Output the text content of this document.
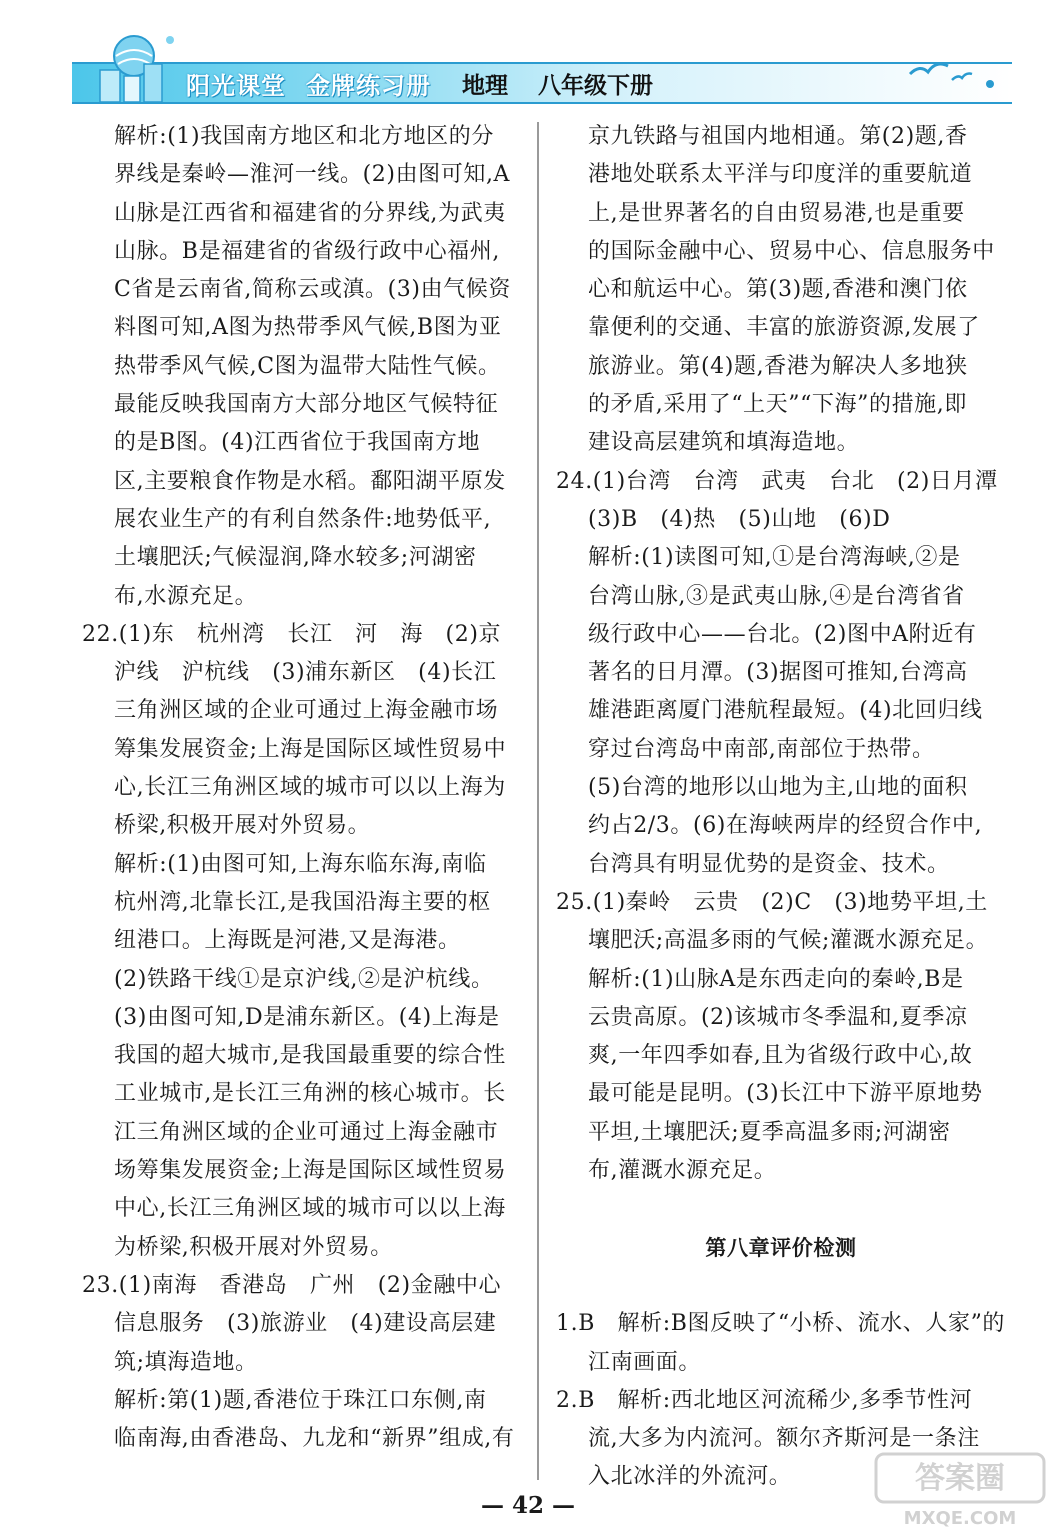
阳光课堂 金牌练习册 地理 八年级下册
解析:(1)我国南方地区和北方地区的分
界线是秦岭—淮河一线。(2)由图可知,A
山脉是江西省和福建省的分界线,为武夷
山脉。B是福建省的省级行政中心福州,
C省是云南省,简称云或滇。(3)由气候资
料图可知,A图为热带季风气候,B图为亚
热带季风气候,C图为温带大陆性气候。
最能反映我国南方大部分地区气候特征
的是B图。(4)江西省位于我国南方地
区,主要粮食作物是水稻。鄱阳湖平原发
展农业生产的有利自然条件:地势低平,
土壤肥沃;气候湿润,降水较多;河湖密
布,水源充足。
22.(1)东　杭州湾　长江　河　海　(2)京
沪线　沪杭线　(3)浦东新区　(4)长江
三角洲区域的企业可通过上海金融市场
筹集发展资金;上海是国际区域性贸易中
心,长江三角洲区域的城市可以以上海为
桥梁,积极开展对外贸易。
解析:(1)由图可知,上海东临东海,南临
杭州湾,北靠长江,是我国沿海主要的枢
纽港口。上海既是河港,又是海港。
(2)铁路干线①是京沪线,②是沪杭线。
(3)由图可知,D是浦东新区。(4)上海是
我国的超大城市,是我国最重要的综合性
工业城市,是长江三角洲的核心城市。长
江三角洲区域的企业可通过上海金融市
场筹集发展资金;上海是国际区域性贸易
中心,长江三角洲区域的城市可以以上海
为桥梁,积极开展对外贸易。
23.(1)南海　香港岛　广州　(2)金融中心
信息服务　(3)旅游业　(4)建设高层建
筑;填海造地。
解析:第(1)题,香港位于珠江口东侧,南
临南海,由香港岛、九龙和“新界”组成,有
京九铁路与祖国内地相通。第(2)题,香
港地处联系太平洋与印度洋的重要航道
上,是世界著名的自由贸易港,也是重要
的国际金融中心、贸易中心、信息服务中
心和航运中心。第(3)题,香港和澳门依
靠便利的交通、丰富的旅游资源,发展了
旅游业。第(4)题,香港为解决人多地狭
的矛盾,采用了“上天”“下海”的措施,即
建设高层建筑和填海造地。
24.(1)台湾　台湾　武夷　台北　(2)日月潭
(3)B　(4)热　(5)山地　(6)D
解析:(1)读图可知,①是台湾海峡,②是
台湾山脉,③是武夷山脉,④是台湾省省
级行政中心——台北。(2)图中A附近有
著名的日月潭。(3)据图可推知,台湾高
雄港距离厦门港航程最短。(4)北回归线
穿过台湾岛中南部,南部位于热带。
(5)台湾的地形以山地为主,山地的面积
约占2/3。(6)在海峡两岸的经贸合作中,
台湾具有明显优势的是资金、技术。
25.(1)秦岭　云贵　(2)C　(3)地势平坦,土
壤肥沃;高温多雨的气候;灌溉水源充足。
解析:(1)山脉A是东西走向的秦岭,B是
云贵高原。(2)该城市冬季温和,夏季凉
爽,一年四季如春,且为省级行政中心,故
最可能是昆明。(3)长江中下游平原地势
平坦,土壤肥沃;夏季高温多雨;河湖密
布,灌溉水源充足。
第八章评价检测
1.B　解析:B图反映了“小桥、流水、人家”的
江南画面。
2.B　解析:西北地区河流稀少,多季节性河
流,大多为内流河。额尔齐斯河是一条注
入北冰洋的外流河。
— 42 —
答案圈
MXQE.COM
